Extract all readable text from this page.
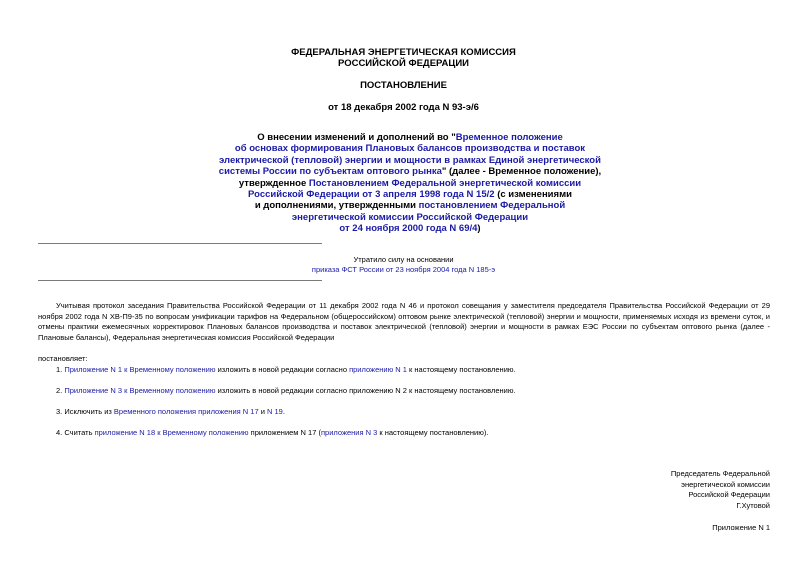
ФЕДЕРАЛЬНАЯ ЭНЕРГЕТИЧЕСКАЯ КОМИССИЯ
РОССИЙСКОЙ ФЕДЕРАЦИИ
ПОСТАНОВЛЕНИЕ
от 18 декабря 2002 года N 93-э/6
О внесении изменений и дополнений во "Временное положение
об основах формирования Плановых балансов производства и поставок
электрической (тепловой) энергии и мощности в рамках Единой энергетической
системы России по субъектам оптового рынка" (далее - Временное положение),
утвержденное Постановлением Федеральной энергетической комиссии
Российской Федерации от 3 апреля 1998 года N 15/2 (с изменениями
и дополнениями, утвержденными постановлением Федеральной
энергетической комиссии Российской Федерации
от 24 ноября 2000 года N 69/4)
Утратило силу на основании
приказа ФСТ России от 23 ноября 2004 года N 185-э
Учитывая протокол заседания Правительства Российской Федерации от 11 декабря 2002 года N 46 и протокол совещания у заместителя председателя Правительства Российской Федерации от 29 ноября 2002 года N ХВ-П9-35 по вопросам унификации тарифов на Федеральном (общероссийском) оптовом рынке электрической (тепловой) энергии и мощности, применяемых исходя из времени суток, и отмены практики ежемесячных корректировок Плановых балансов производства и поставок электрической (тепловой) энергии и мощности в рамках ЕЭС России по субъектам оптового рынка (далее - Плановые балансы), Федеральная энергетическая комиссия Российской Федерации
постановляет:
1. Приложение N 1 к Временному положению изложить в новой редакции согласно приложению N 1 к настоящему постановлению.
2. Приложение N 3 к Временному положению изложить в новой редакции согласно приложению N 2 к настоящему постановлению.
3. Исключить из Временного положения приложения N 17 и N 19.
4. Считать приложение N 18 к Временному положению приложением N 17 (приложения N 3 к настоящему постановлению).
Председатель Федеральной
энергетической комиссии
Российской Федерации
Г.Хутовой
Приложение N 1
